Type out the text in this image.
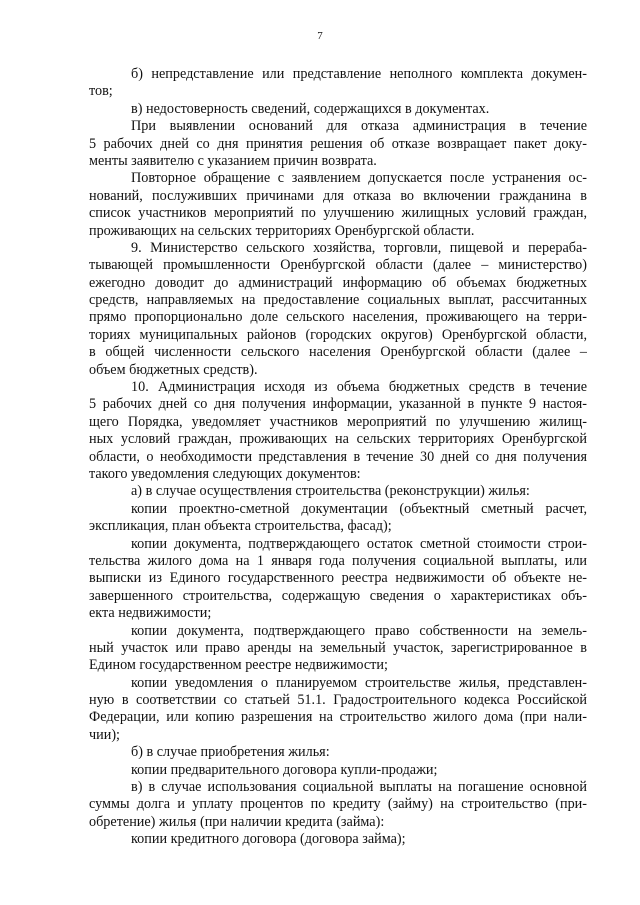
7
б) непредставление или представление неполного комплекта докумен-
тов;
в) недостоверность сведений, содержащихся в документах.
При выявлении оснований для отказа администрация в течение
5 рабочих дней со дня принятия решения об отказе возвращает пакет доку-
менты заявителю с указанием причин возврата.
Повторное обращение с заявлением допускается после устранения ос-
нований, послуживших причинами для отказа во включении гражданина в
список участников мероприятий по улучшению жилищных условий граждан,
проживающих на сельских территориях Оренбургской области.
9. Министерство сельского хозяйства, торговли, пищевой и перераба-
тывающей промышленности Оренбургской области (далее – министерство)
ежегодно доводит до администраций информацию об объемах бюджетных
средств, направляемых на предоставление социальных выплат, рассчитанных
прямо пропорционально доле сельского населения, проживающего на терри-
ториях муниципальных районов (городских округов) Оренбургской области,
в общей численности сельского населения Оренбургской области (далее –
объем бюджетных средств).
10. Администрация исходя из объема бюджетных средств в течение
5 рабочих дней со дня получения информации, указанной в пункте 9 настоя-
щего Порядка, уведомляет участников мероприятий по улучшению жилищ-
ных условий граждан, проживающих на сельских территориях Оренбургской
области, о необходимости представления в течение 30 дней со дня получения
такого уведомления следующих документов:
а) в случае осуществления строительства (реконструкции) жилья:
копии проектно-сметной документации (объектный сметный расчет,
экспликация, план объекта строительства, фасад);
копии документа, подтверждающего остаток сметной стоимости строи-
тельства жилого дома на 1 января года получения социальной выплаты, или
выписки из Единого государственного реестра недвижимости об объекте не-
завершенного строительства, содержащую сведения о характеристиках объ-
екта недвижимости;
копии документа, подтверждающего право собственности на земель-
ный участок или право аренды на земельный участок, зарегистрированное в
Едином государственном реестре недвижимости;
копии уведомления о планируемом строительстве жилья, представлен-
ную в соответствии со статьей 51.1. Градостроительного кодекса Российской
Федерации, или копию разрешения на строительство жилого дома (при нали-
чии);
б) в случае приобретения жилья:
копии предварительного договора купли-продажи;
в) в случае использования социальной выплаты на погашение основной
суммы долга и уплату процентов по кредиту (займу) на строительство (при-
обретение) жилья (при наличии кредита (займа):
копии кредитного договора (договора займа);
